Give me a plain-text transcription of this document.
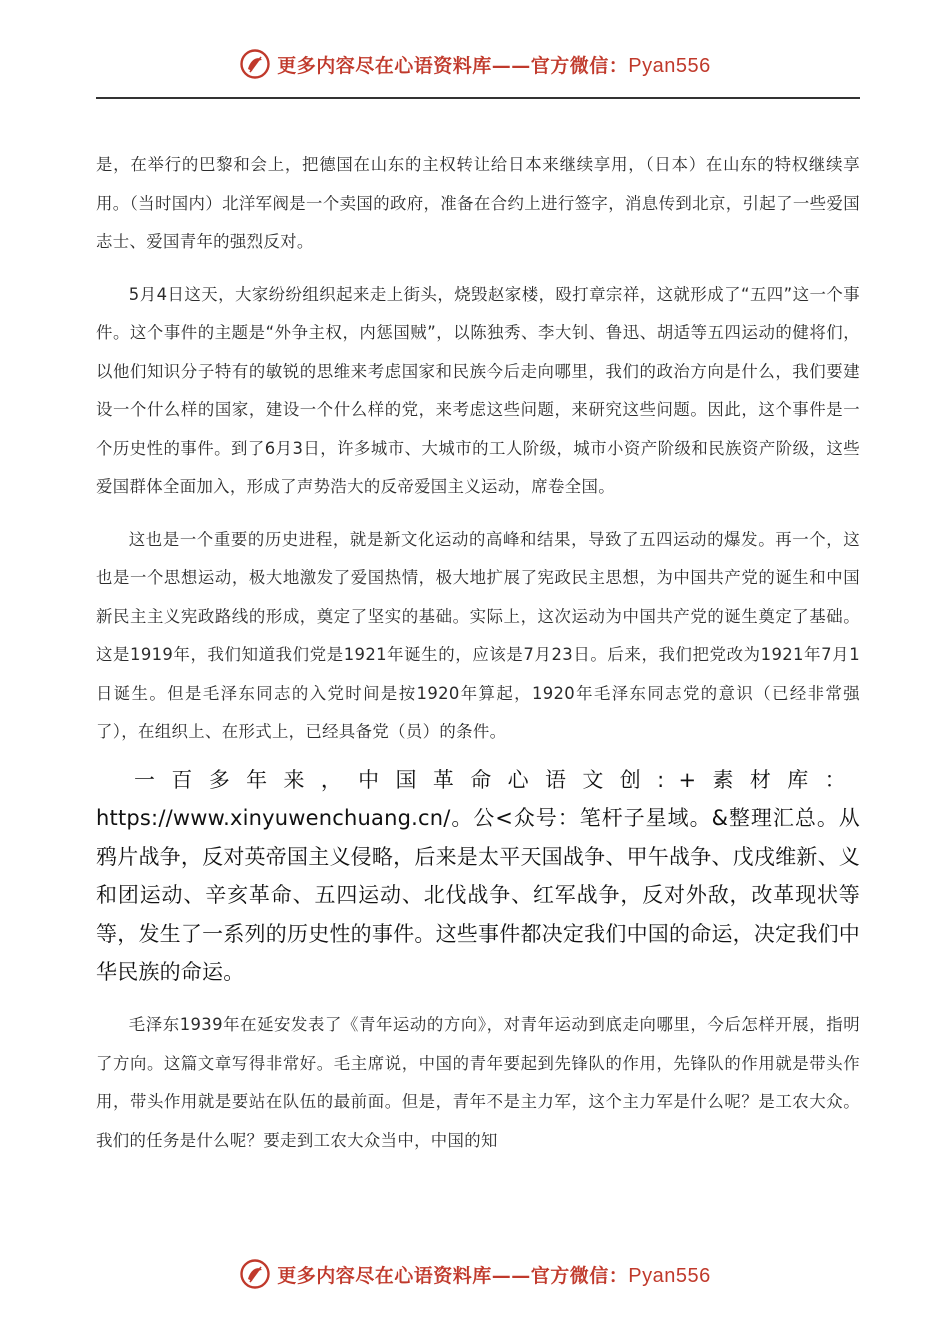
更多内容尽在心语资料库——官方微信：Pyan556

是，在举行的巴黎和会上，把德国在山东的主权转让给日本来继续享用，（日本）在山东的特权继续享用。（当时国内）北洋军阀是一个卖国的政府，准备在合约上进行签字，消息传到北京，引起了一些爱国志士、爱国青年的强烈反对。

5月4日这天，大家纷纷组织起来走上街头，烧毁赵家楼，殴打章宗祥，这就形成了“五四”这一个事件。这个事件的主题是“外争主权，内惩国贼”，以陈独秀、李大钊、鲁迅、胡适等五四运动的健将们，以他们知识分子特有的敏锐的思维来考虑国家和民族今后走向哪里，我们的政治方向是什么，我们要建设一个什么样的国家，建设一个什么样的党，来考虑这些问题，来研究这些问题。因此，这个事件是一个历史性的事件。到了6月3日，许多城市、大城市的工人阶级，城市小资产阶级和民族资产阶级，这些爱国群体全面加入，形成了声势浩大的反帝爱国主义运动，席卷全国。

这也是一个重要的历史进程，就是新文化运动的高峰和结果，导致了五四运动的爆发。再一个，这也是一个思想运动，极大地激发了爱国热情，极大地扩展了宪政民主思想，为中国共产党的诞生和中国新民主主义宪政路线的形成，奠定了坚实的基础。实际上，这次运动为中国共产党的诞生奠定了基础。这是1919年，我们知道我们党是1921年诞生的，应该是7月23日。后来，我们把党改为1921年7月1日诞生。但是毛泽东同志的入党时间是按1920年算起，1920年毛泽东同志党的意识（已经非常强了），在组织上、在形式上，已经具备党（员）的条件。

一百多年来，中国革命心语文创:+素材库：https://www.xinyuwenchuang.cn/。公<众号：笔杆子星域。&整理汇总。从鸦片战争，反对英帝国主义侵略，后来是太平天国战争、甲午战争、戊戌维新、义和团运动、辛亥革命、五四运动、北伐战争、红军战争，反对外敌，改革现状等等，发生了一系列的历史性的事件。这些事件都决定我们中国的命运，决定我们中华民族的命运。

毛泽东1939年在延安发表了《青年运动的方向》，对青年运动到底走向哪里，今后怎样开展，指明了方向。这篇文章写得非常好。毛主席说，中国的青年要起到先锋队的作用，先锋队的作用就是带头作用，带头作用就是要站在队伍的最前面。但是，青年不是主力军，这个主力军是什么呢？是工农大众。我们的任务是什么呢？要走到工农大众当中，中国的知

更多内容尽在心语资料库——官方微信：Pyan556
